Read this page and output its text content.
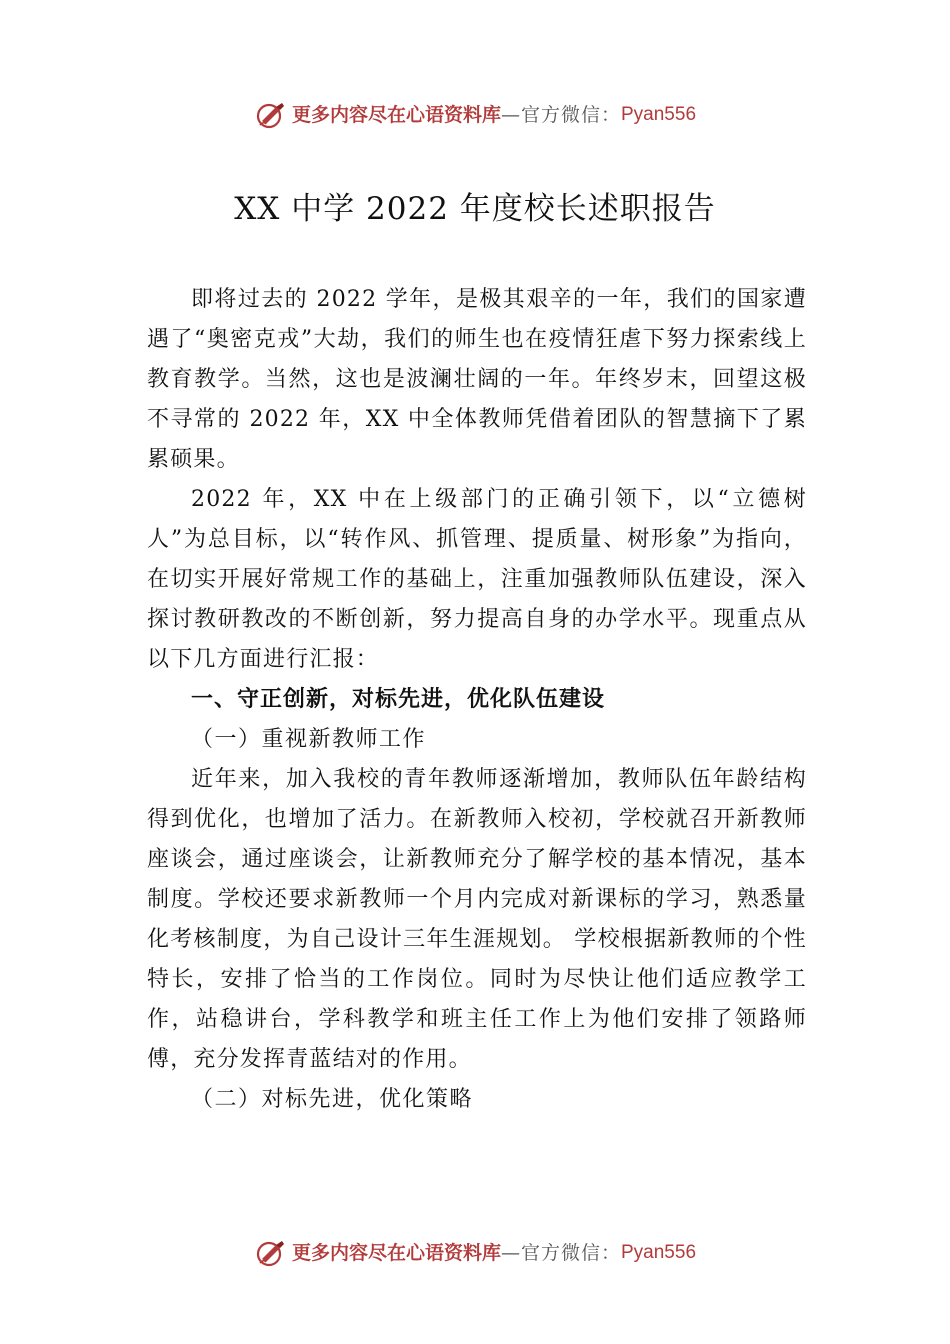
更多内容尽在心语资料库—官方微信：Pyan556
XX 中学 2022 年度校长述职报告

即将过去的 2022 学年，是极其艰辛的一年，我们的国家遭遇了“奥密克戎”大劫，我们的师生也在疫情狂虐下努力探索线上教育教学。当然，这也是波澜壮阔的一年。年终岁末，回望这极不寻常的 2022 年，XX 中全体教师凭借着团队的智慧摘下了累累硕果。

2022 年，XX 中在上级部门的正确引领下，以“立德树人”为总目标，以“转作风、抓管理、提质量、树形象”为指向，在切实开展好常规工作的基础上，注重加强教师队伍建设，深入探讨教研教改的不断创新，努力提高自身的办学水平。现重点从以下几方面进行汇报：

一、守正创新，对标先进，优化队伍建设

（一）重视新教师工作

近年来，加入我校的青年教师逐渐增加，教师队伍年龄结构得到优化，也增加了活力。在新教师入校初，学校就召开新教师座谈会，通过座谈会，让新教师充分了解学校的基本情况，基本制度。学校还要求新教师一个月内完成对新课标的学习，熟悉量化考核制度，为自己设计三年生涯规划。 学校根据新教师的个性特长，安排了恰当的工作岗位。同时为尽快让他们适应教学工作，站稳讲台，学科教学和班主任工作上为他们安排了领路师傅，充分发挥青蓝结对的作用。

（二）对标先进，优化策略

更多内容尽在心语资料库—官方微信：Pyan556
